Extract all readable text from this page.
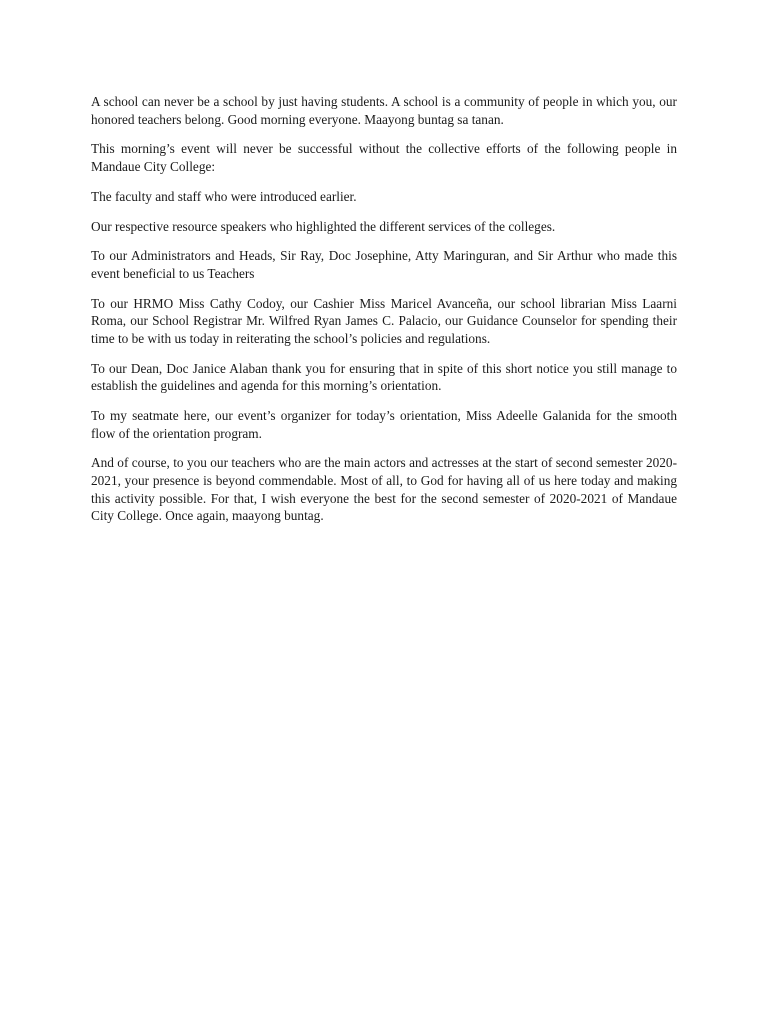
A school can never be a school by just having students. A school is a community of people in which you, our honored teachers belong. Good morning everyone. Maayong buntag sa tanan.

This morning’s event will never be successful without the collective efforts of the following people in Mandaue City College:

The faculty and staff who were introduced earlier.

Our respective resource speakers who highlighted the different services of the colleges.

To our Administrators and Heads, Sir Ray, Doc Josephine, Atty Maringuran, and Sir Arthur who made this event beneficial to us Teachers

To our HRMO Miss Cathy Codoy, our Cashier Miss Maricel Avanceña, our school librarian Miss Laarni Roma, our School Registrar Mr. Wilfred Ryan James C. Palacio, our Guidance Counselor for spending their time to be with us today in reiterating the school’s policies and regulations.

To our Dean, Doc Janice Alaban thank you for ensuring that in spite of this short notice you still manage to establish the guidelines and agenda for this morning’s orientation.

To my seatmate here, our event’s organizer for today’s orientation, Miss Adeelle Galanida for the smooth flow of the orientation program.

And of course, to you our teachers who are the main actors and actresses at the start of second semester 2020-2021, your presence is beyond commendable. Most of all, to God for having all of us here today and making this activity possible. For that, I wish everyone the best for the second semester of 2020-2021 of Mandaue City College. Once again, maayong buntag.
